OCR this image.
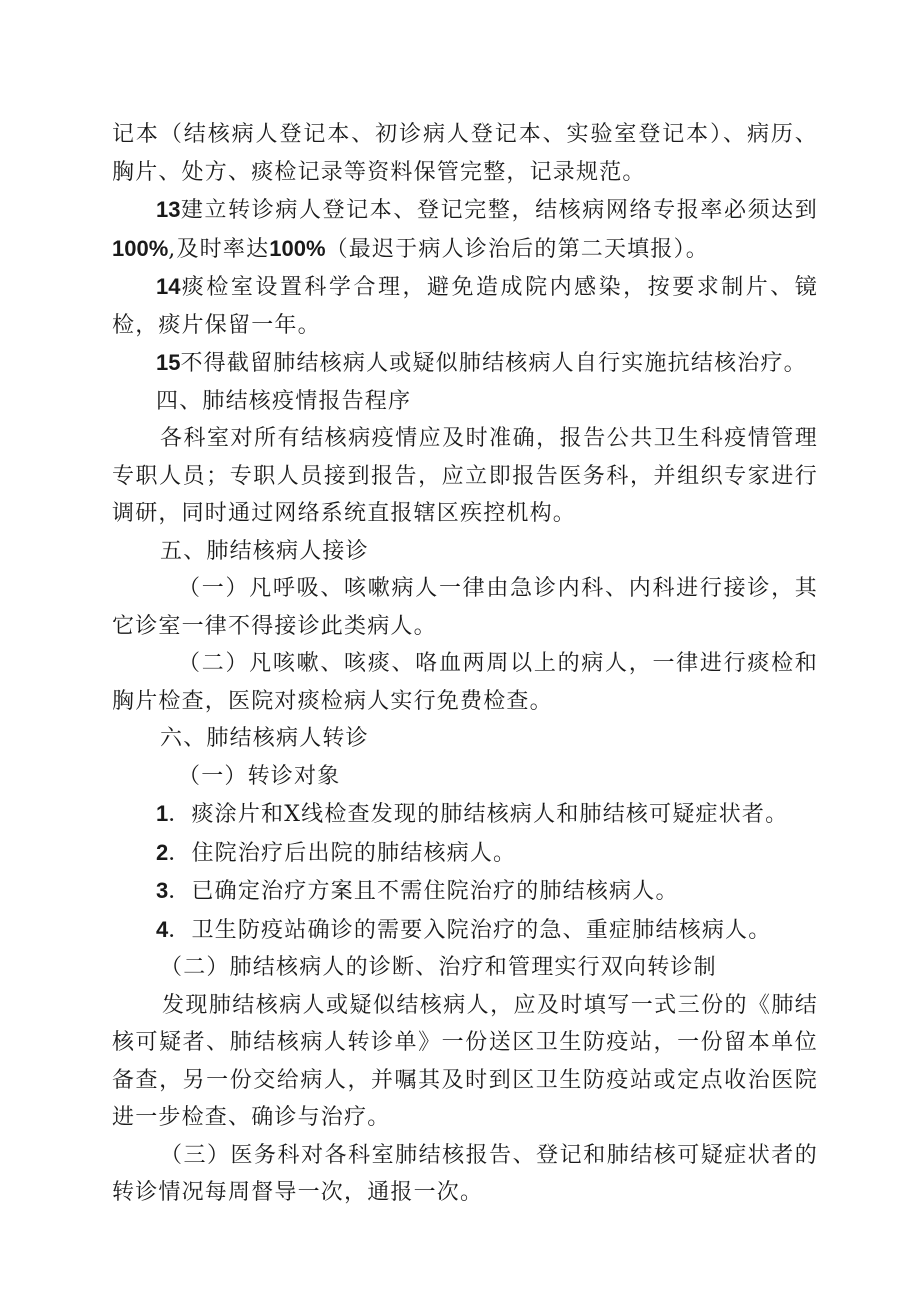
记本（结核病人登记本、初诊病人登记本、实验室登记本）、病历、胸片、处方、痰检记录等资料保管完整，记录规范。

13建立转诊病人登记本、登记完整，结核病网络专报率必须达到100%,及时率达100%（最迟于病人诊治后的第二天填报）。

14痰检室设置科学合理，避免造成院内感染，按要求制片、镜检，痰片保留一年。

15不得截留肺结核病人或疑似肺结核病人自行实施抗结核治疗。

四、肺结核疫情报告程序

各科室对所有结核病疫情应及时准确，报告公共卫生科疫情管理专职人员；专职人员接到报告，应立即报告医务科，并组织专家进行调研，同时通过网络系统直报辖区疾控机构。

五、肺结核病人接诊

（一）凡呼吸、咳嗽病人一律由急诊内科、内科进行接诊，其它诊室一律不得接诊此类病人。

（二）凡咳嗽、咳痰、咯血两周以上的病人，一律进行痰检和胸片检查，医院对痰检病人实行免费检查。

六、肺结核病人转诊

（一）转诊对象

1．痰涂片和X线检查发现的肺结核病人和肺结核可疑症状者。

2．住院治疗后出院的肺结核病人。

3．已确定治疗方案且不需住院治疗的肺结核病人。

4．卫生防疫站确诊的需要入院治疗的急、重症肺结核病人。

（二）肺结核病人的诊断、治疗和管理实行双向转诊制

发现肺结核病人或疑似结核病人，应及时填写一式三份的《肺结核可疑者、肺结核病人转诊单》一份送区卫生防疫站，一份留本单位备查，另一份交给病人，并嘱其及时到区卫生防疫站或定点收治医院进一步检查、确诊与治疗。

（三）医务科对各科室肺结核报告、登记和肺结核可疑症状者的转诊情况每周督导一次，通报一次。
